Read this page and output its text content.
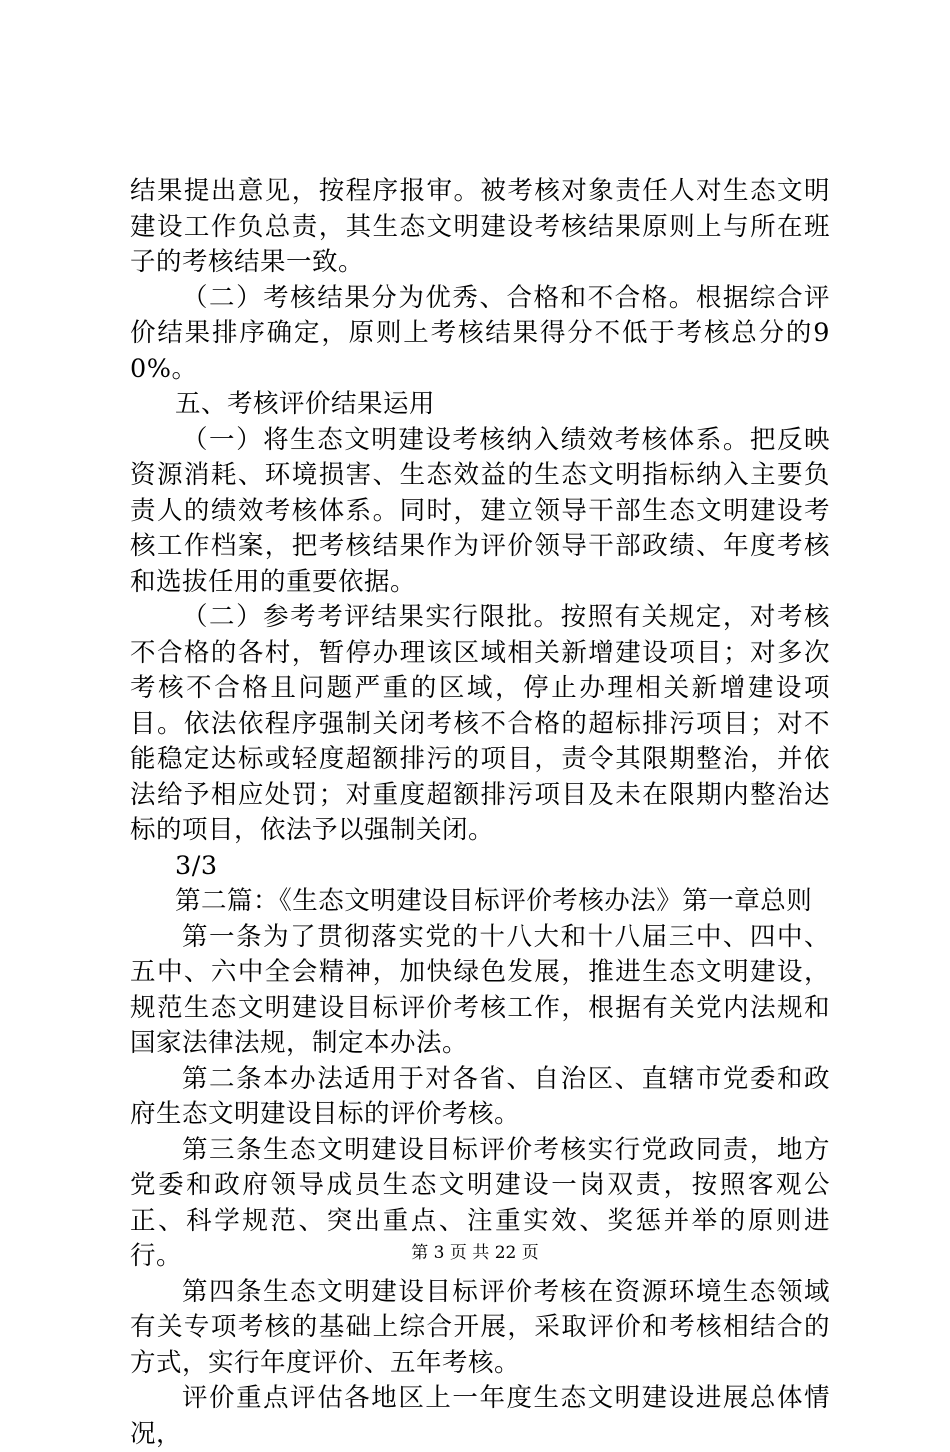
结果提出意见，按程序报审。被考核对象责任人对生态文明建设工作负总责，其生态文明建设考核结果原则上与所在班子的考核结果一致。

（二）考核结果分为优秀、合格和不合格。根据综合评价结果排序确定，原则上考核结果得分不低于考核总分的90%。

五、考核评价结果运用

（一）将生态文明建设考核纳入绩效考核体系。把反映资源消耗、环境损害、生态效益的生态文明指标纳入主要负责人的绩效考核体系。同时，建立领导干部生态文明建设考核工作档案，把考核结果作为评价领导干部政绩、年度考核和选拔任用的重要依据。

（二）参考考评结果实行限批。按照有关规定，对考核不合格的各村，暂停办理该区域相关新增建设项目；对多次考核不合格且问题严重的区域，停止办理相关新增建设项目。依法依程序强制关闭考核不合格的超标排污项目；对不能稳定达标或轻度超额排污的项目，责令其限期整治，并依法给予相应处罚；对重度超额排污项目及未在限期内整治达标的项目，依法予以强制关闭。

3/3

第二篇：《生态文明建设目标评价考核办法》第一章总则

第一条为了贯彻落实党的十八大和十八届三中、四中、五中、六中全会精神，加快绿色发展，推进生态文明建设，规范生态文明建设目标评价考核工作，根据有关党内法规和国家法律法规，制定本办法。

第二条本办法适用于对各省、自治区、直辖市党委和政府生态文明建设目标的评价考核。

第三条生态文明建设目标评价考核实行党政同责，地方党委和政府领导成员生态文明建设一岗双责，按照客观公正、科学规范、突出重点、注重实效、奖惩并举的原则进行。

第四条生态文明建设目标评价考核在资源环境生态领域有关专项考核的基础上综合开展，采取评价和考核相结合的方式，实行年度评价、五年考核。

评价重点评估各地区上一年度生态文明建设进展总体情况，

第 3 页 共 22 页
